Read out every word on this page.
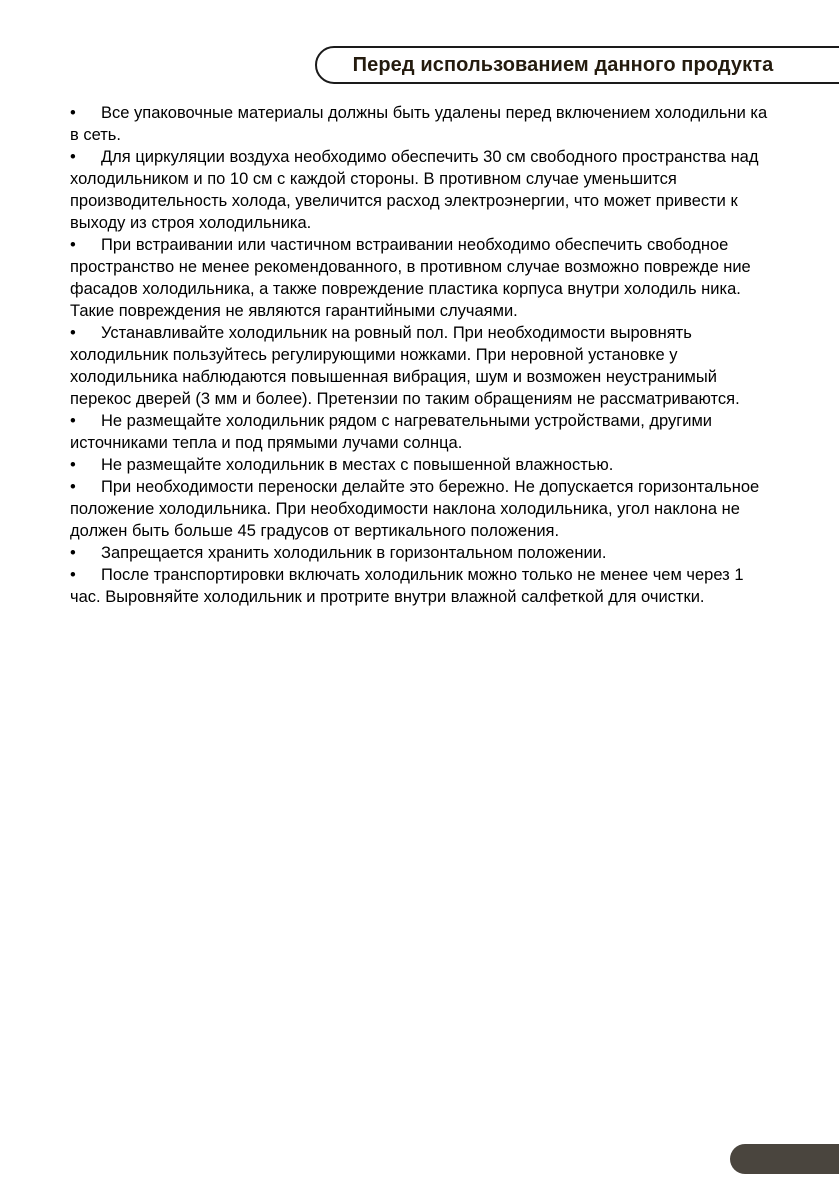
Перед использованием данного продукта

• Все упаковочные материалы должны быть удалены перед включением холодильни ка в сеть.

• Для циркуляции воздуха необходимо обеспечить 30 см свободного пространства над холодильником и по 10 см с каждой стороны. В противном случае уменьшится производительность холода, увеличится расход электроэнергии, что может привести к выходу из строя холодильника.

• При встраивании или частичном встраивании необходимо обеспечить свободное пространство не менее рекомендованного, в противном случае возможно поврежде ние фасадов холодильника, а также повреждение пластика корпуса внутри холодиль ника. Такие повреждения не являются гарантийными случаями.

• Устанавливайте холодильник на ровный пол. При необходимости выровнять холодильник пользуйтесь регулирующими ножками. При неровной установке у холодильника наблюдаются повышенная вибрация, шум и возможен неустранимый перекос дверей (3 мм и более). Претензии по таким обращениям не рассматриваются.

• Не размещайте холодильник рядом с нагревательными устройствами, другими источниками тепла и под прямыми лучами солнца.

• Не размещайте холодильник в местах с повышенной влажностью.

• При необходимости переноски делайте это бережно. Не допускается горизонтальное положение холодильника. При необходимости наклона холодильника, угол наклона не должен быть больше 45 градусов от вертикального положения.

• Запрещается хранить холодильник в горизонтальном положении.

• После транспортировки включать холодильник можно только не менее чем через 1 час. Выровняйте холодильник и протрите внутри влажной салфеткой для очистки.
